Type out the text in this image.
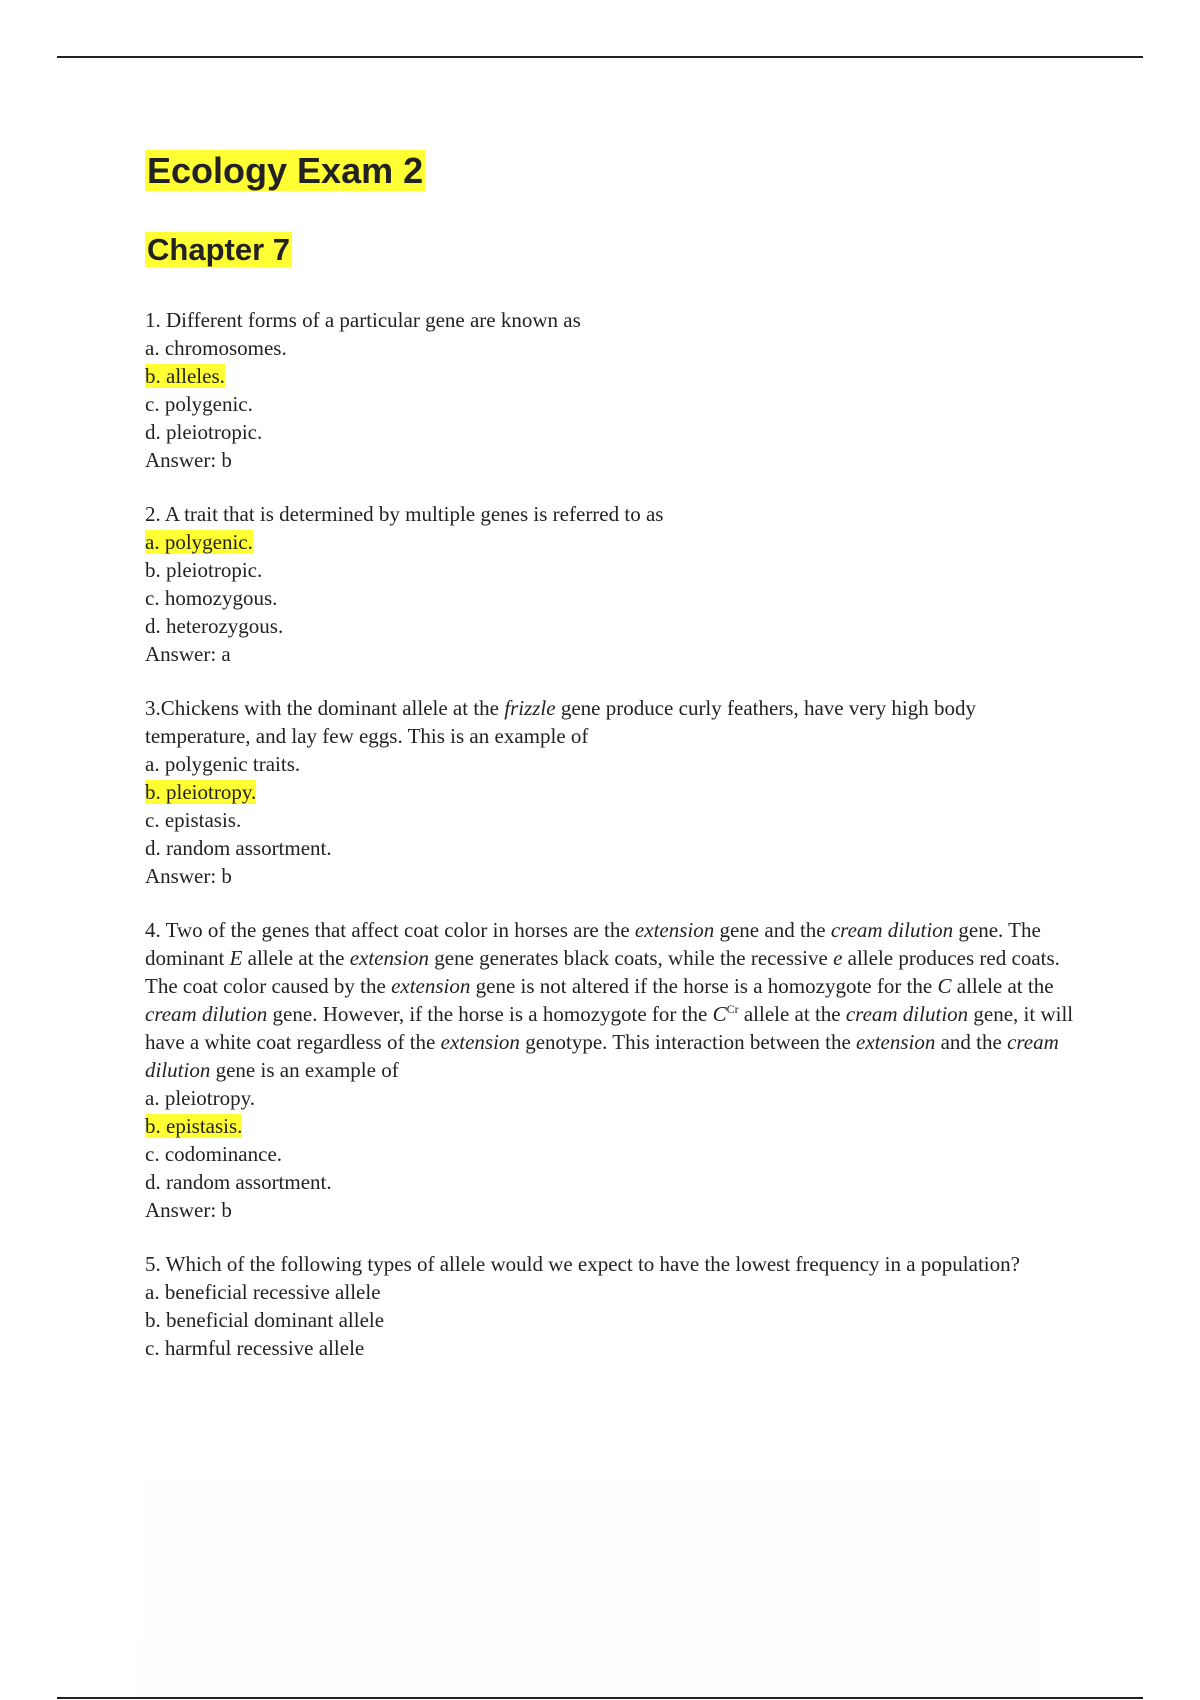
Ecology Exam 2
Chapter 7
1. Different forms of a particular gene are known as
a. chromosomes.
b. alleles.
c. polygenic.
d. pleiotropic.
Answer: b
2. A trait that is determined by multiple genes is referred to as
a. polygenic.
b. pleiotropic.
c. homozygous.
d. heterozygous.
Answer: a
3.Chickens with the dominant allele at the frizzle gene produce curly feathers, have very high body temperature, and lay few eggs. This is an example of
a. polygenic traits.
b. pleiotropy.
c. epistasis.
d. random assortment.
Answer: b
4. Two of the genes that affect coat color in horses are the extension gene and the cream dilution gene. The dominant E allele at the extension gene generates black coats, while the recessive e allele produces red coats. The coat color caused by the extension gene is not altered if the horse is a homozygote for the C allele at the cream dilution gene. However, if the horse is a homozygote for the $C^{Cr}$ allele at the cream dilution gene, it will have a white coat regardless of the extension genotype. This interaction between the extension and the cream dilution gene is an example of
a. pleiotropy.
b. epistasis.
c. codominance.
d. random assortment.
Answer: b
5. Which of the following types of allele would we expect to have the lowest frequency in a population?
a. beneficial recessive allele
b. beneficial dominant allele
c. harmful recessive allele
